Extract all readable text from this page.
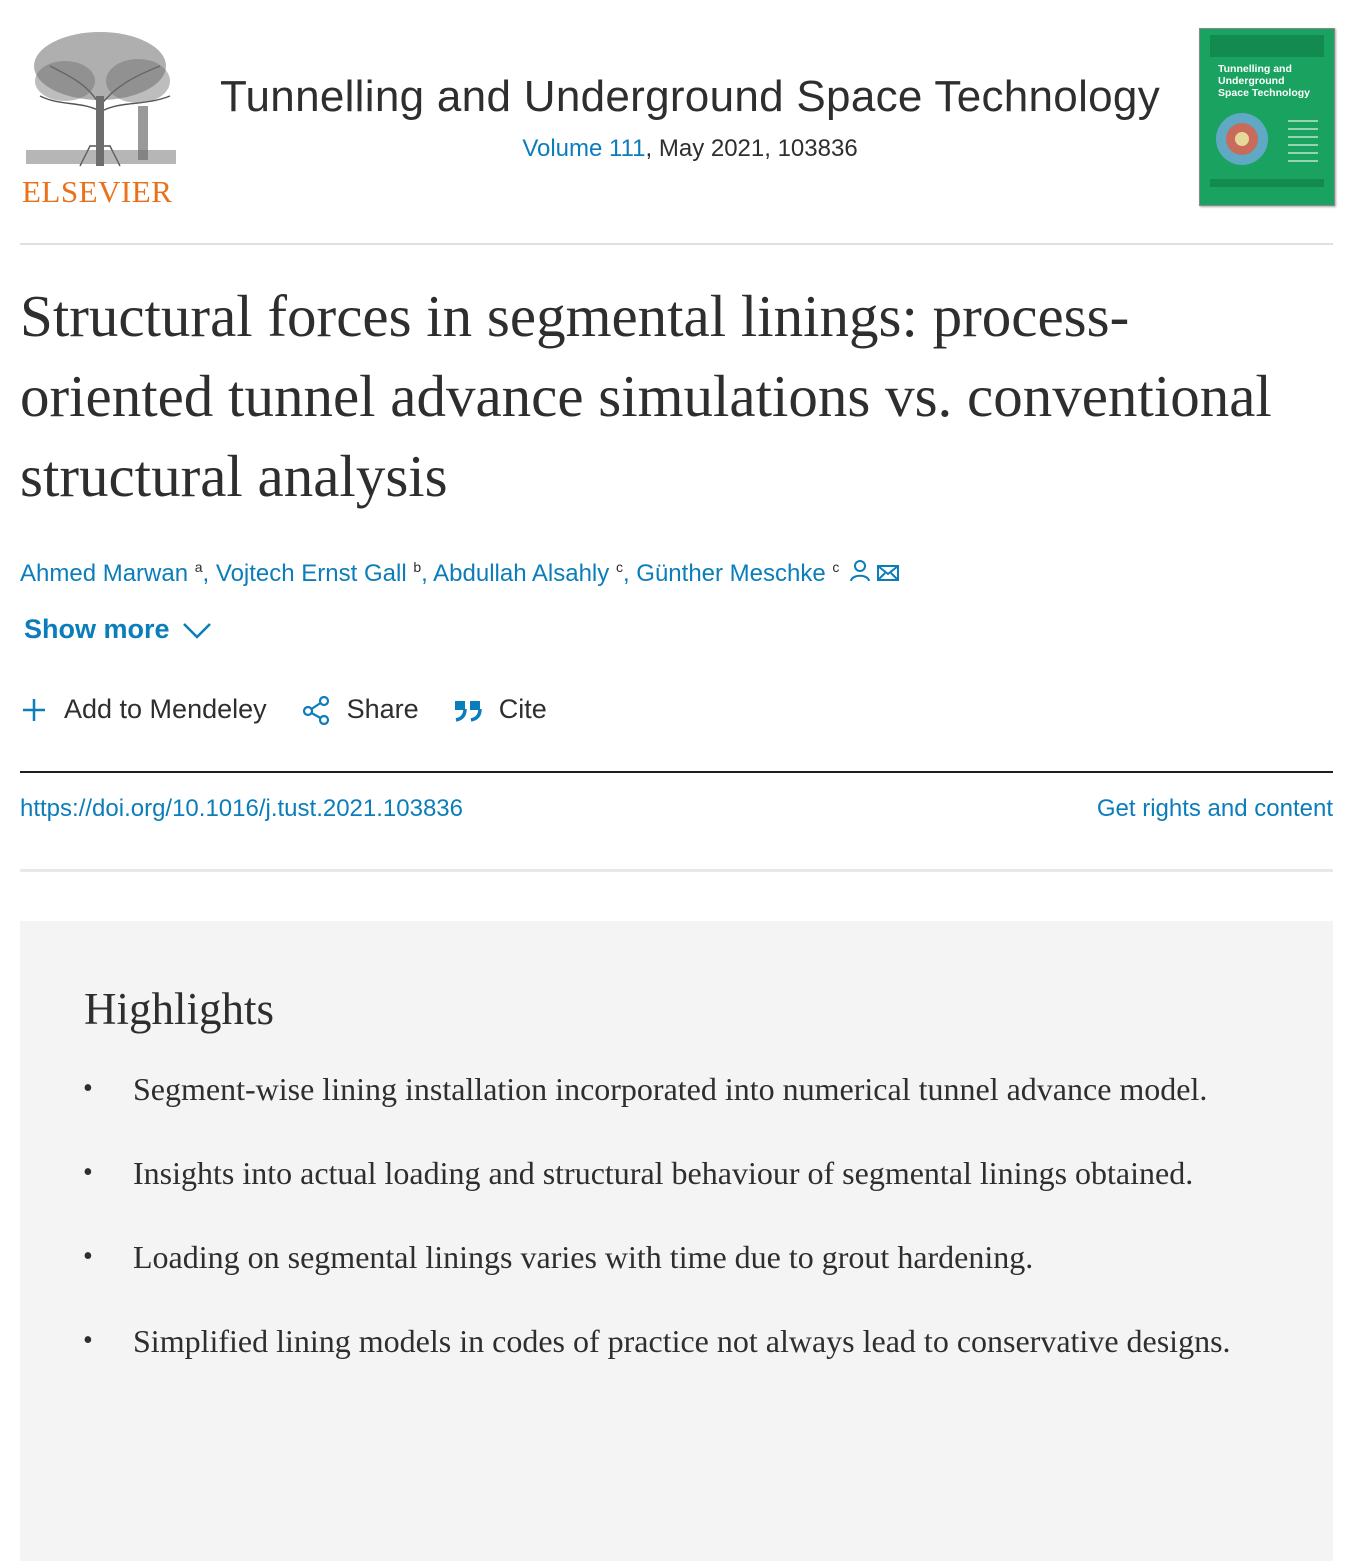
ELSEVIER
Tunnelling and Underground Space Technology
Volume 111, May 2021, 103836
Tunnelling and Underground Space Technology
Structural forces in segmental linings: process-oriented tunnel advance simulations vs. conventional structural analysis
Ahmed Marwan $^a$, Vojtech Ernst Gall $^b$, Abdullah Alsahly $^c$, Günther Meschke $^c$
Show more
Add to Mendeley	Share	Cite
https://doi.org/10.1016/j.tust.2021.103836	Get rights and content
Highlights
• Segment-wise lining installation incorporated into numerical tunnel advance model.
• Insights into actual loading and structural behaviour of segmental linings obtained.
• Loading on segmental linings varies with time due to grout hardening.
• Simplified lining models in codes of practice not always lead to conservative designs.
